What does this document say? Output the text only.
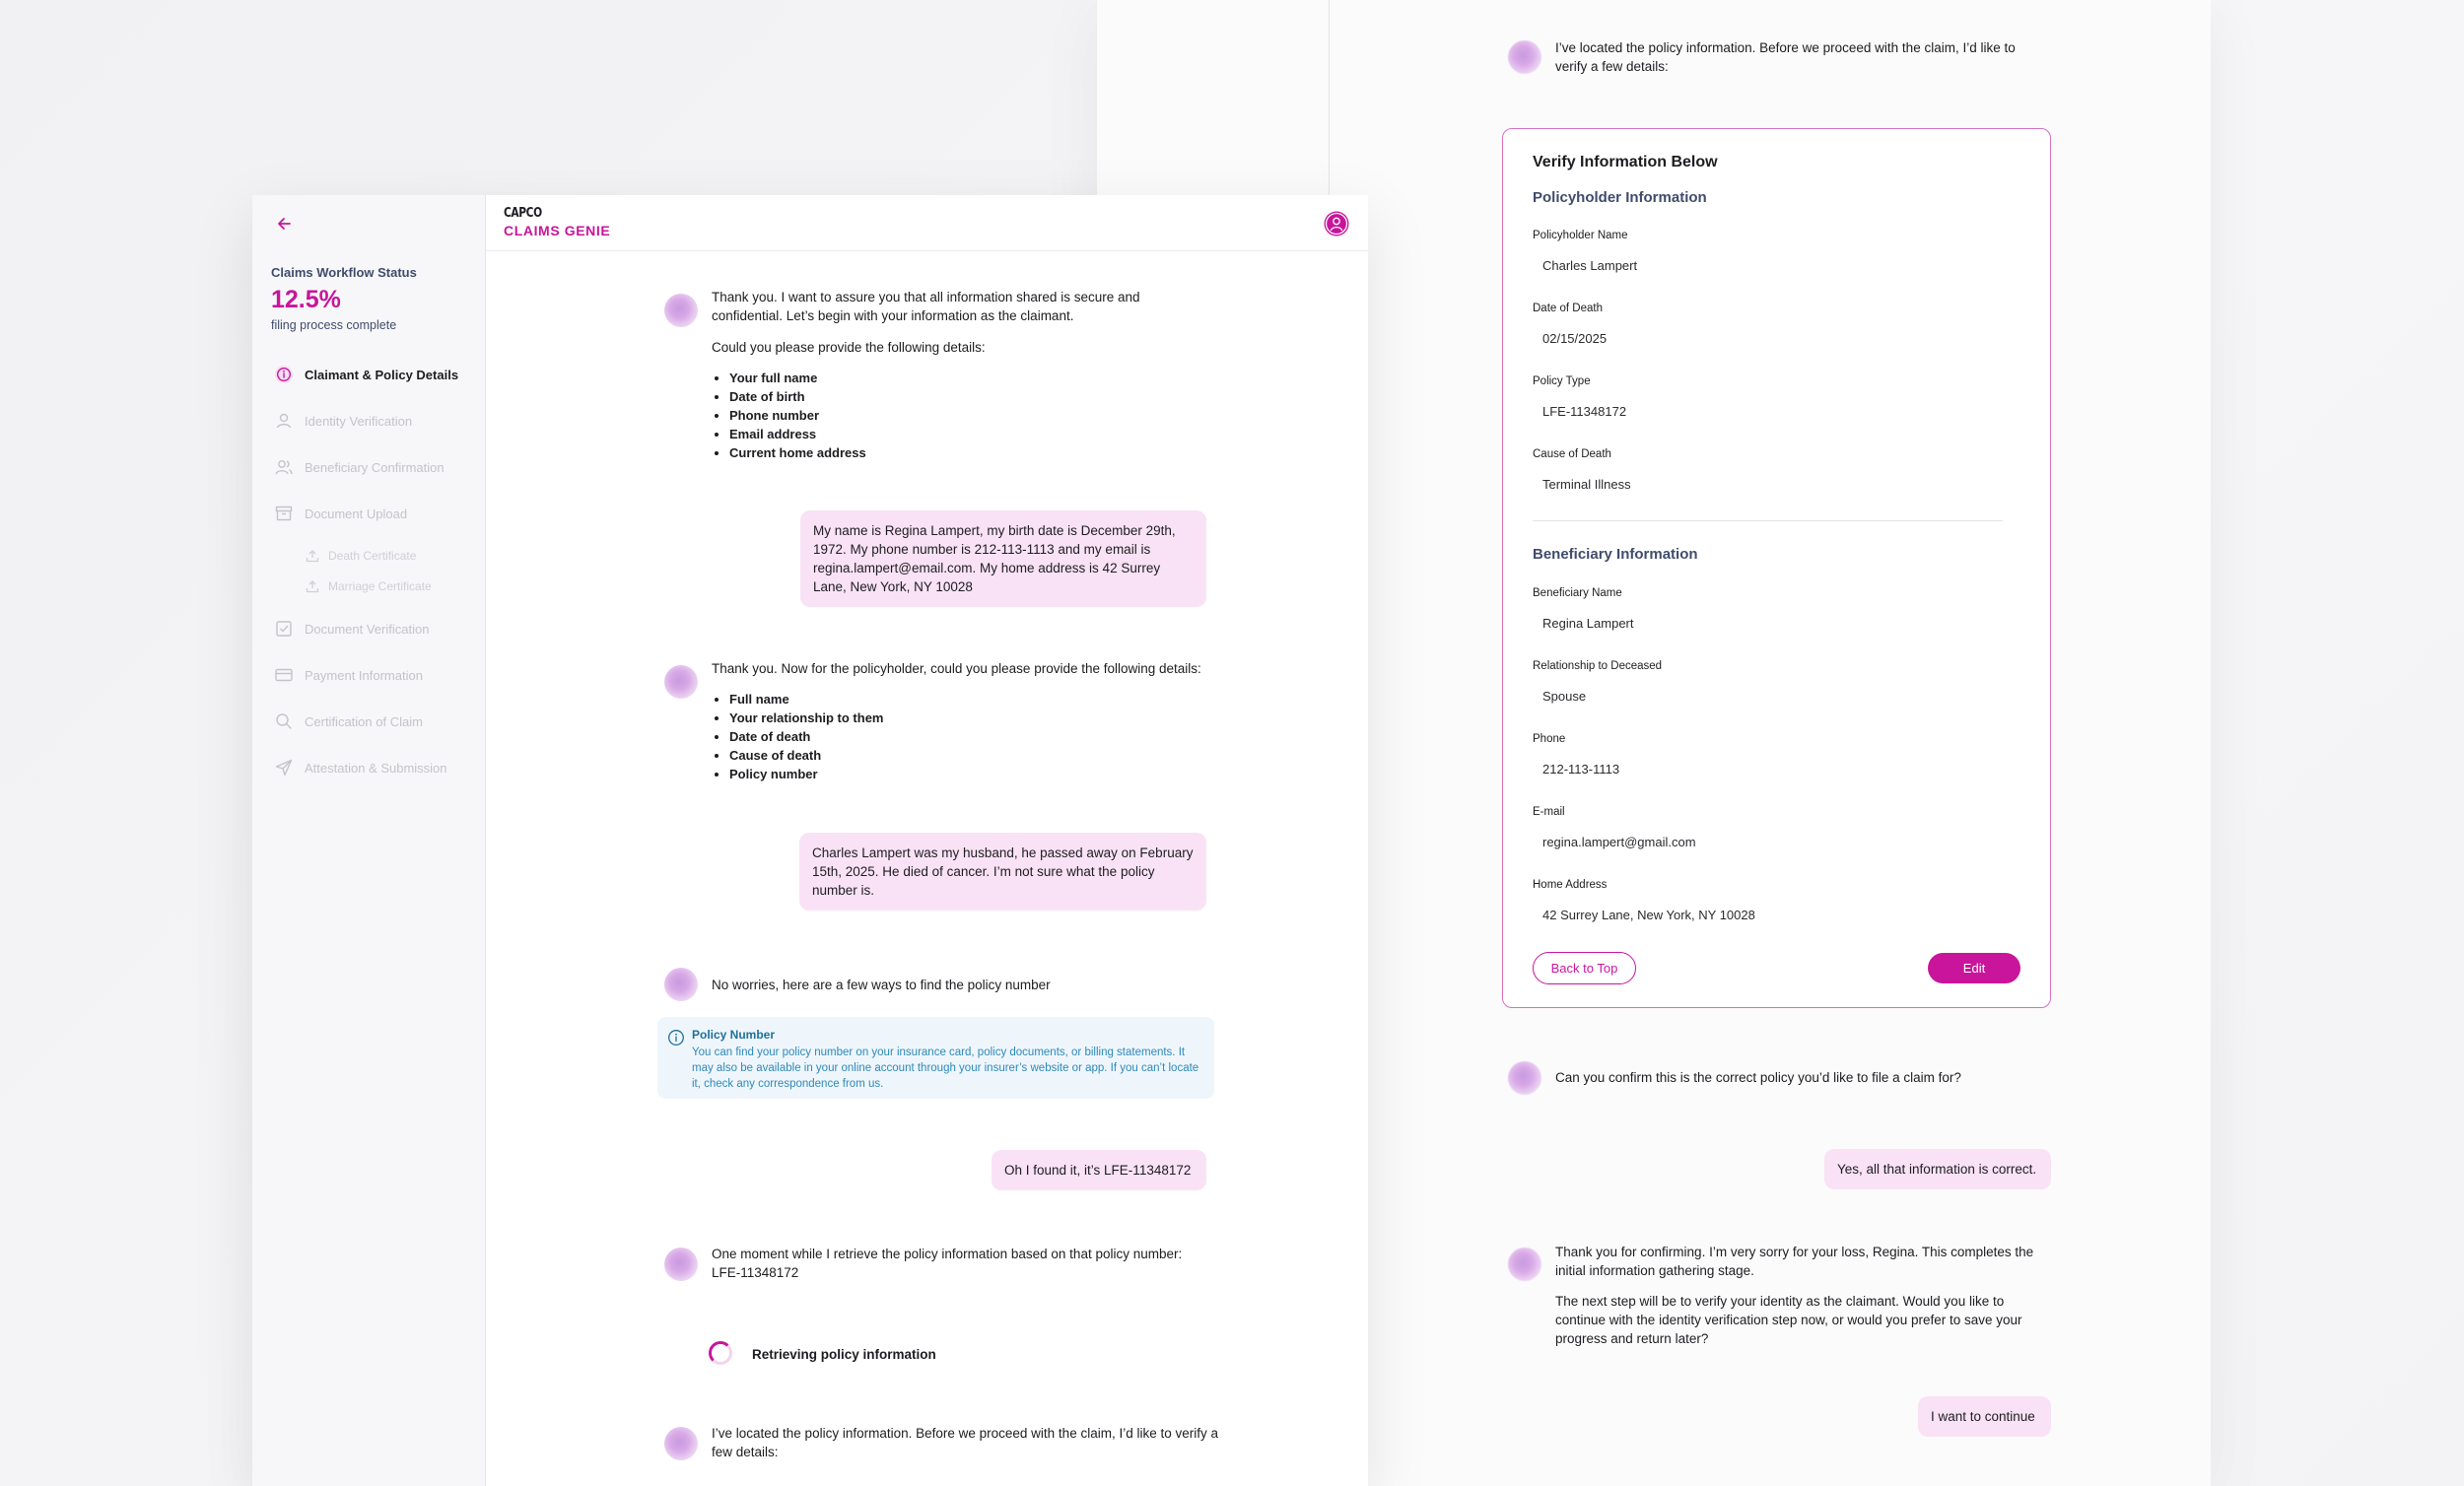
I’ve located the policy information. Before we proceed with the claim, I’d like to verify a few details:
Verify Information Below
Policyholder Information
Policyholder Name
Charles Lampert
Date of Death
02/15/2025
Policy Type
LFE-11348172
Cause of Death
Terminal Illness
Beneficiary Information
Beneficiary Name
Regina Lampert
Relationship to Deceased
Spouse
Phone
212-113-1113
E-mail
regina.lampert@gmail.com
Home Address
42 Surrey Lane, New York, NY 10028
Back to Top	Edit
Can you confirm this is the correct policy you’d like to file a claim for?
Yes, all that information is correct.
Thank you for confirming. I’m very sorry for your loss, Regina. This completes the initial information gathering stage.
The next step will be to verify your identity as the claimant. Would you like to continue with the identity verification step now, or would you prefer to save your progress and return later?
I want to continue
Claims Workflow Status
12.5%
filing process complete
Claimant & Policy Details
Identity Verification
Beneficiary Confirmation
Document Upload
Death Certificate
Marriage Certificate
Document Verification
Payment Information
Certification of Claim
Attestation & Submission
CAPCO
CLAIMS GENIE
Thank you. I want to assure you that all information shared is secure and confidential. Let’s begin with your information as the claimant.
Could you please provide the following details:
• Your full name
• Date of birth
• Phone number
• Email address
• Current home address
My name is Regina Lampert, my birth date is December 29th, 1972. My phone number is 212-113-1113 and my email is regina.lampert@email.com. My home address is 42 Surrey Lane, New York, NY 10028
Thank you. Now for the policyholder, could you please provide the following details:
• Full name
• Your relationship to them
• Date of death
• Cause of death
• Policy number
Charles Lampert was my husband, he passed away on February 15th, 2025. He died of cancer. I’m not sure what the policy number is.
No worries, here are a few ways to find the policy number
Policy Number
You can find your policy number on your insurance card, policy documents, or billing statements. It may also be available in your online account through your insurer’s website or app. If you can’t locate it, check any correspondence from us.
Oh I found it, it’s LFE-11348172
One moment while I retrieve the policy information based on that policy number: LFE-11348172
Retrieving policy information
I’ve located the policy information. Before we proceed with the claim, I’d like to verify a few details:
